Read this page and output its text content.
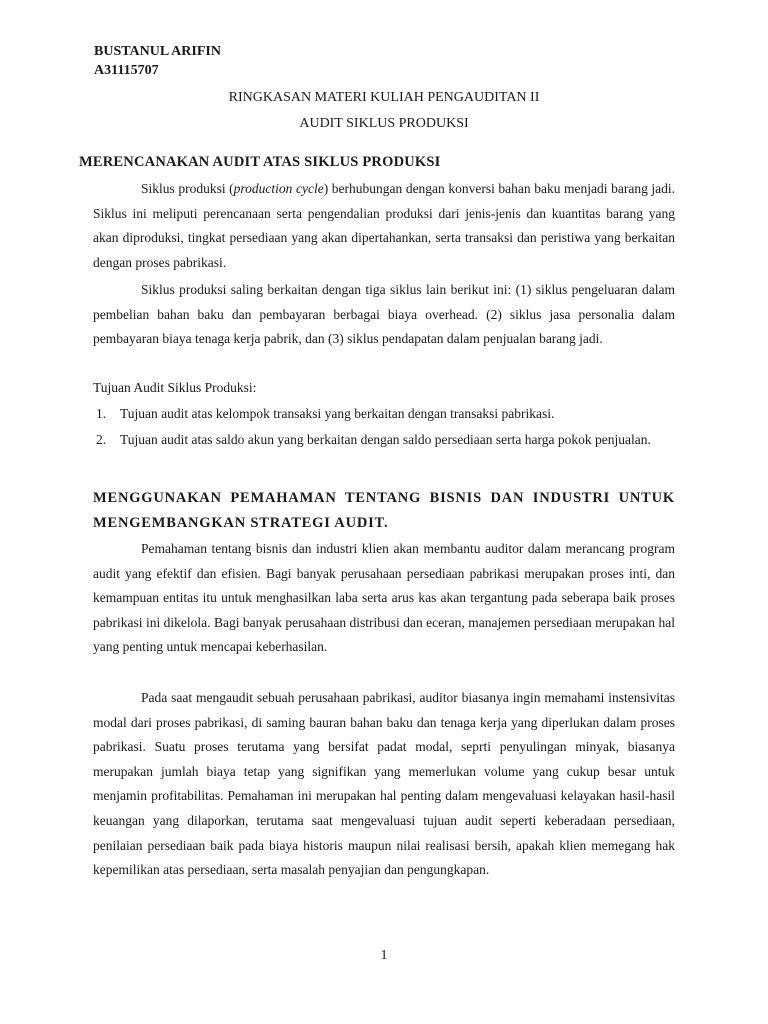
BUSTANUL ARIFIN
A31115707
RINGKASAN MATERI KULIAH PENGAUDITAN II
AUDIT SIKLUS PRODUKSI
MERENCANAKAN AUDIT ATAS SIKLUS PRODUKSI

Siklus produksi (production cycle) berhubungan dengan konversi bahan baku menjadi barang jadi. Siklus ini meliputi perencanaan serta pengendalian produksi dari jenis-jenis dan kuantitas barang yang akan diproduksi, tingkat persediaan yang akan dipertahankan, serta transaksi dan peristiwa yang berkaitan dengan proses pabrikasi.

Siklus produksi saling berkaitan dengan tiga siklus lain berikut ini: (1) siklus pengeluaran dalam pembelian bahan baku dan pembayaran berbagai biaya overhead. (2) siklus jasa personalia dalam pembayaran biaya tenaga kerja pabrik, dan (3) siklus pendapatan dalam penjualan barang jadi.

Tujuan Audit Siklus Produksi:
1. Tujuan audit atas kelompok transaksi yang berkaitan dengan transaksi pabrikasi.
2. Tujuan audit atas saldo akun yang berkaitan dengan saldo persediaan serta harga pokok penjualan.
MENGGUNAKAN PEMAHAMAN TENTANG BISNIS DAN INDUSTRI UNTUK MENGEMBANGKAN STRATEGI AUDIT.

Pemahaman tentang bisnis dan industri klien akan membantu auditor dalam merancang program audit yang efektif dan efisien. Bagi banyak perusahaan persediaan pabrikasi merupakan proses inti, dan kemampuan entitas itu untuk menghasilkan laba serta arus kas akan tergantung pada seberapa baik proses pabrikasi ini dikelola. Bagi banyak perusahaan distribusi dan eceran, manajemen persediaan merupakan hal yang penting untuk mencapai keberhasilan.

Pada saat mengaudit sebuah perusahaan pabrikasi, auditor biasanya ingin memahami instensivitas modal dari proses pabrikasi, di saming bauran bahan baku dan tenaga kerja yang diperlukan dalam proses pabrikasi. Suatu proses terutama yang bersifat padat modal, seprti penyulingan minyak, biasanya merupakan jumlah biaya tetap yang signifikan yang memerlukan volume yang cukup besar untuk menjamin profitabilitas. Pemahaman ini merupakan hal penting dalam mengevaluasi kelayakan hasil-hasil keuangan yang dilaporkan, terutama saat mengevaluasi tujuan audit seperti keberadaan persediaan, penilaian persediaan baik pada biaya historis maupun nilai realisasi bersih, apakah klien memegang hak kepemilikan atas persediaan, serta masalah penyajian dan pengungkapan.

1
